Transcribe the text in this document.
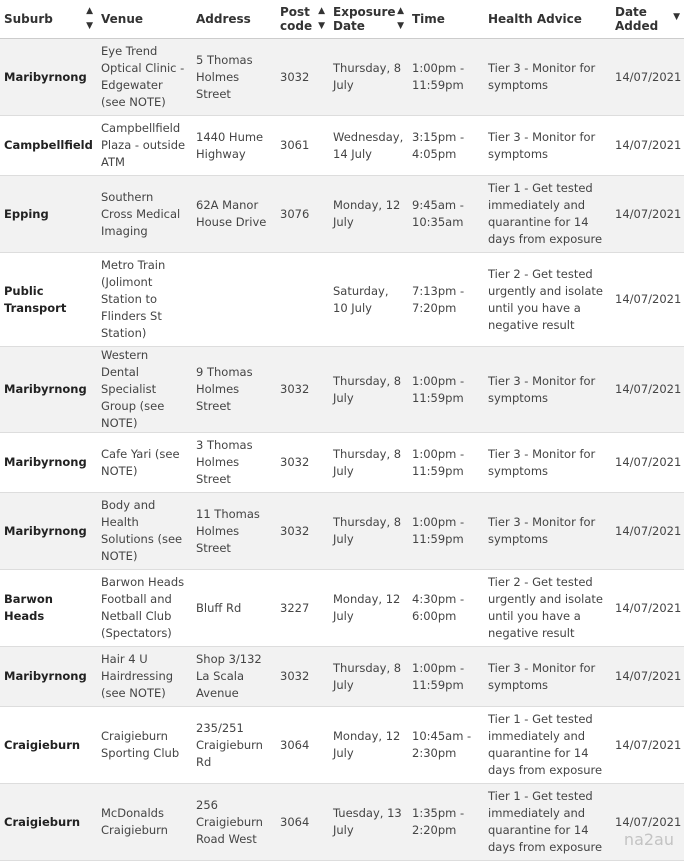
Suburb
▲
▼	Venue	Address	Post
code
▲
▼	Exposure
Date
▲
▼	Time	Health Advice	Date
Added
▼

Maribyrnong	Eye Trend Optical Clinic - Edgewater (see NOTE)	5 Thomas Holmes Street	3032	Thursday, 8 July	1:00pm - 11:59pm	Tier 3 - Monitor for symptoms	14/07/2021
Campbellfield	Campbellfield Plaza - outside ATM	1440 Hume Highway	3061	Wednesday, 14 July	3:15pm - 4:05pm	Tier 3 - Monitor for symptoms	14/07/2021
Epping	Southern Cross Medical Imaging	62A Manor House Drive	3076	Monday, 12 July	9:45am - 10:35am	Tier 1 - Get tested immediately and quarantine for 14 days from exposure	14/07/2021
Public Transport	Metro Train (Jolimont Station to Flinders St Station)			Saturday, 10 July	7:13pm - 7:20pm	Tier 2 - Get tested urgently and isolate until you have a negative result	14/07/2021
Maribyrnong	Western Dental Specialist Group (see NOTE)	9 Thomas Holmes Street	3032	Thursday, 8 July	1:00pm - 11:59pm	Tier 3 - Monitor for symptoms	14/07/2021
Maribyrnong	Cafe Yari (see NOTE)	3 Thomas Holmes Street	3032	Thursday, 8 July	1:00pm - 11:59pm	Tier 3 - Monitor for symptoms	14/07/2021
Maribyrnong	Body and Health Solutions (see NOTE)	11 Thomas Holmes Street	3032	Thursday, 8 July	1:00pm - 11:59pm	Tier 3 - Monitor for symptoms	14/07/2021
Barwon Heads	Barwon Heads Football and Netball Club (Spectators)	Bluff Rd	3227	Monday, 12 July	4:30pm - 6:00pm	Tier 2 - Get tested urgently and isolate until you have a negative result	14/07/2021
Maribyrnong	Hair 4 U Hairdressing (see NOTE)	Shop 3/132 La Scala Avenue	3032	Thursday, 8 July	1:00pm - 11:59pm	Tier 3 - Monitor for symptoms	14/07/2021
Craigieburn	Craigieburn Sporting Club	235/251 Craigieburn Rd	3064	Monday, 12 July	10:45am - 2:30pm	Tier 1 - Get tested immediately and quarantine for 14 days from exposure	14/07/2021
Craigieburn	McDonalds Craigieburn	256 Craigieburn Road West	3064	Tuesday, 13 July	1:35pm - 2:20pm	Tier 1 - Get tested immediately and quarantine for 14 days from exposure	14/07/2021
na2au
